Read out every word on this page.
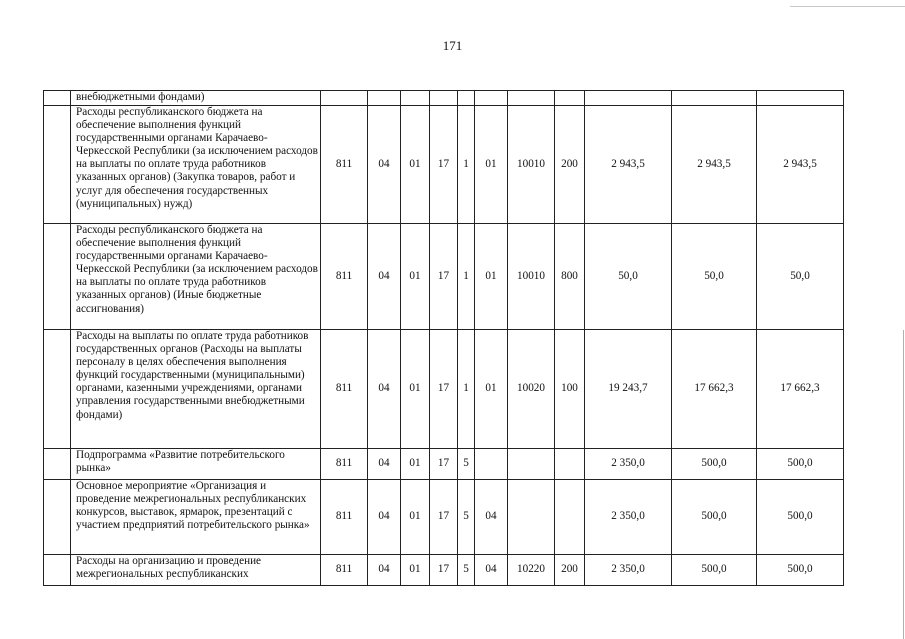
171
	внебюджетными фондами)											
	Расходы республиканского бюджета на обеспечение выполнения функций государственными органами Карачаево-Черкесской Республики (за исключением расходов на выплаты по оплате труда работников указанных органов) (Закупка товаров, работ и услуг для обеспечения государственных (муниципальных) нужд)	811	04	01	17	1	01	10010	200	2 943,5	2 943,5	2 943,5
	Расходы республиканского бюджета на обеспечение выполнения функций государственными органами Карачаево-Черкесской Республики (за исключением расходов на выплаты по оплате труда работников указанных органов) (Иные бюджетные ассигнования)	811	04	01	17	1	01	10010	800	50,0	50,0	50,0
	Расходы на выплаты по оплате труда работников государственных органов (Расходы на выплаты персоналу в целях обеспечения выполнения функций государственными (муниципальными) органами, казенными учреждениями, органами управления государственными внебюджетными фондами)	811	04	01	17	1	01	10020	100	19 243,7	17 662,3	17 662,3
	Подпрограмма «Развитие потребительского рынка»	811	04	01	17	5				2 350,0	500,0	500,0
	Основное мероприятие «Организация и проведение межрегиональных республиканских конкурсов, выставок, ярмарок, презентаций с участием предприятий потребительского рынка»	811	04	01	17	5	04			2 350,0	500,0	500,0
	Расходы на организацию и проведение межрегиональных республиканских	811	04	01	17	5	04	10220	200	2 350,0	500,0	500,0
